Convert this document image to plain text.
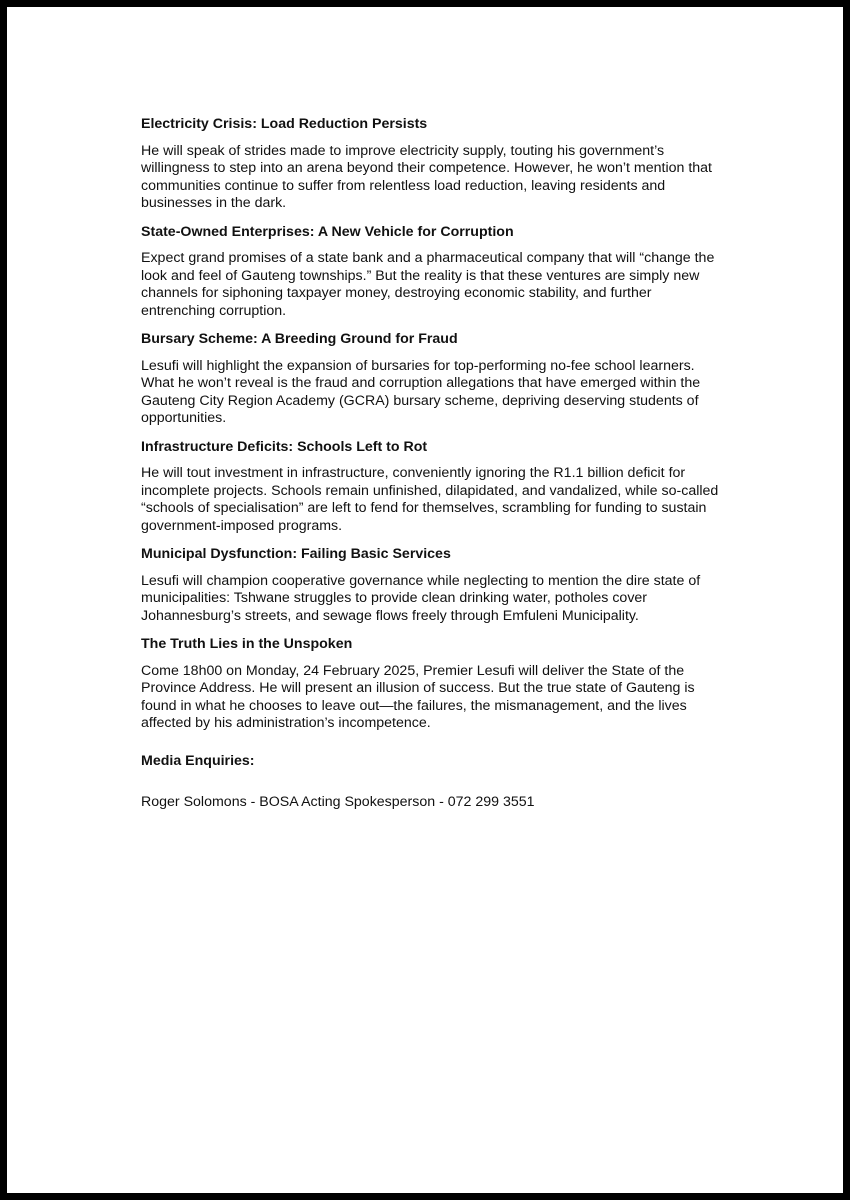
Electricity Crisis: Load Reduction Persists

He will speak of strides made to improve electricity supply, touting his government’s willingness to step into an arena beyond their competence. However, he won’t mention that communities continue to suffer from relentless load reduction, leaving residents and businesses in the dark.

State-Owned Enterprises: A New Vehicle for Corruption

Expect grand promises of a state bank and a pharmaceutical company that will “change the look and feel of Gauteng townships.” But the reality is that these ventures are simply new channels for siphoning taxpayer money, destroying economic stability, and further entrenching corruption.

Bursary Scheme: A Breeding Ground for Fraud

Lesufi will highlight the expansion of bursaries for top-performing no-fee school learners. What he won’t reveal is the fraud and corruption allegations that have emerged within the Gauteng City Region Academy (GCRA) bursary scheme, depriving deserving students of opportunities.

Infrastructure Deficits: Schools Left to Rot

He will tout investment in infrastructure, conveniently ignoring the R1.1 billion deficit for incomplete projects. Schools remain unfinished, dilapidated, and vandalized, while so-called “schools of specialisation” are left to fend for themselves, scrambling for funding to sustain government-imposed programs.

Municipal Dysfunction: Failing Basic Services

Lesufi will champion cooperative governance while neglecting to mention the dire state of municipalities: Tshwane struggles to provide clean drinking water, potholes cover Johannesburg’s streets, and sewage flows freely through Emfuleni Municipality.

The Truth Lies in the Unspoken

Come 18h00 on Monday, 24 February 2025, Premier Lesufi will deliver the State of the Province Address. He will present an illusion of success. But the true state of Gauteng is found in what he chooses to leave out—the failures, the mismanagement, and the lives affected by his administration’s incompetence.

Media Enquiries:

Roger Solomons - BOSA Acting Spokesperson - 072 299 3551
